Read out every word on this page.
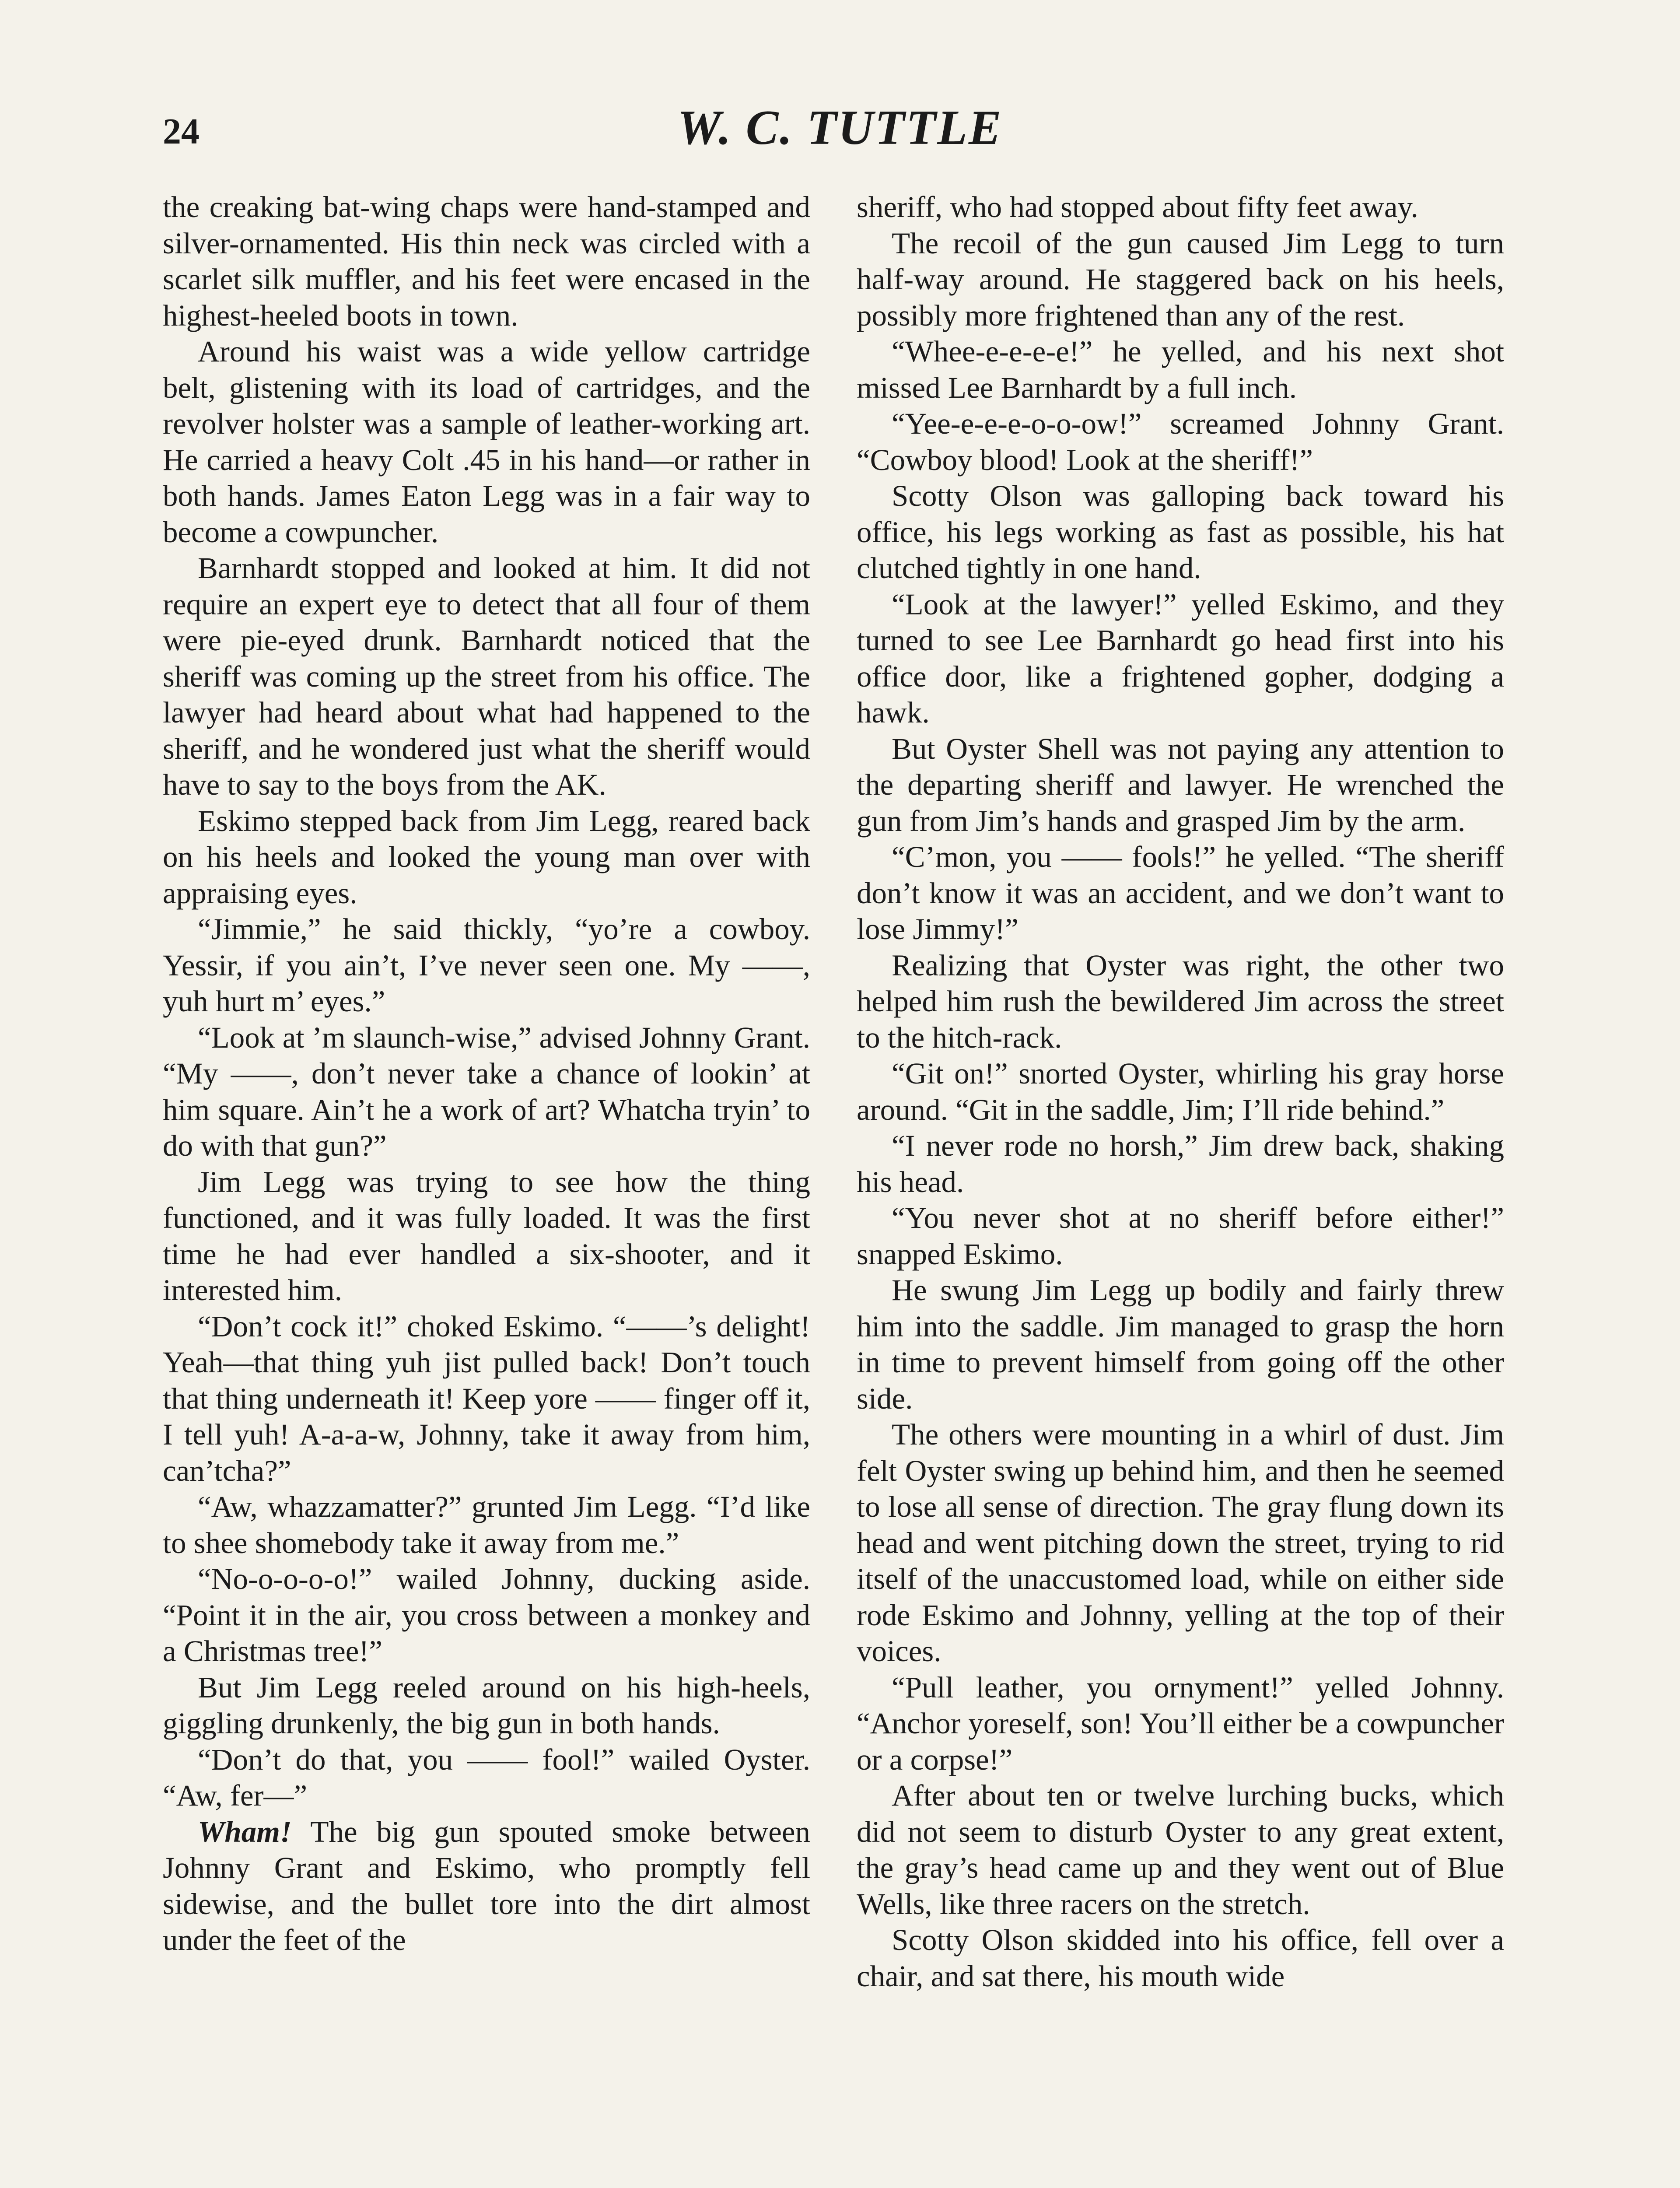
24	W. C. TUTTLE

the creaking bat-wing chaps were hand-stamped and silver-ornamented. His thin neck was circled with a scarlet silk muffler, and his feet were encased in the highest-heeled boots in town.

Around his waist was a wide yellow cartridge belt, glistening with its load of cartridges, and the revolver holster was a sample of leather-working art. He carried a heavy Colt .45 in his hand—or rather in both hands. James Eaton Legg was in a fair way to become a cowpuncher.

Barnhardt stopped and looked at him. It did not require an expert eye to detect that all four of them were pie-eyed drunk. Barnhardt noticed that the sheriff was coming up the street from his office. The lawyer had heard about what had happened to the sheriff, and he wondered just what the sheriff would have to say to the boys from the AK.

Eskimo stepped back from Jim Legg, reared back on his heels and looked the young man over with appraising eyes.

“Jimmie,” he said thickly, “yo’re a cowboy. Yessir, if you ain’t, I’ve never seen one. My ——, yuh hurt m’ eyes.”

“Look at ’m slaunch-wise,” advised Johnny Grant. “My ——, don’t never take a chance of lookin’ at him square. Ain’t he a work of art? Whatcha tryin’ to do with that gun?”

Jim Legg was trying to see how the thing functioned, and it was fully loaded. It was the first time he had ever handled a six-shooter, and it interested him.

“Don’t cock it!” choked Eskimo. “——’s delight! Yeah—that thing yuh jist pulled back! Don’t touch that thing underneath it! Keep yore —— finger off it, I tell yuh! A-a-a-w, Johnny, take it away from him, can’tcha?”

“Aw, whazzamatter?” grunted Jim Legg. “I’d like to shee shomebody take it away from me.”

“No-o-o-o-o!” wailed Johnny, ducking aside. “Point it in the air, you cross between a monkey and a Christmas tree!”

But Jim Legg reeled around on his high-heels, giggling drunkenly, the big gun in both hands.

“Don’t do that, you —— fool!” wailed Oyster. “Aw, fer—”

Wham! The big gun spouted smoke between Johnny Grant and Eskimo, who promptly fell sidewise, and the bullet tore into the dirt almost under the feet of the

sheriff, who had stopped about fifty feet away.

The recoil of the gun caused Jim Legg to turn half-way around. He staggered back on his heels, possibly more frightened than any of the rest.

“Whee-e-e-e-e!” he yelled, and his next shot missed Lee Barnhardt by a full inch.

“Yee-e-e-e-o-o-ow!” screamed Johnny Grant. “Cowboy blood! Look at the sheriff!”

Scotty Olson was galloping back toward his office, his legs working as fast as possible, his hat clutched tightly in one hand.

“Look at the lawyer!” yelled Eskimo, and they turned to see Lee Barnhardt go head first into his office door, like a frightened gopher, dodging a hawk.

But Oyster Shell was not paying any attention to the departing sheriff and lawyer. He wrenched the gun from Jim’s hands and grasped Jim by the arm.

“C’mon, you —— fools!” he yelled. “The sheriff don’t know it was an accident, and we don’t want to lose Jimmy!”

Realizing that Oyster was right, the other two helped him rush the bewildered Jim across the street to the hitch-rack.

“Git on!” snorted Oyster, whirling his gray horse around. “Git in the saddle, Jim; I’ll ride behind.”

“I never rode no horsh,” Jim drew back, shaking his head.

“You never shot at no sheriff before either!” snapped Eskimo.

He swung Jim Legg up bodily and fairly threw him into the saddle. Jim managed to grasp the horn in time to prevent himself from going off the other side.

The others were mounting in a whirl of dust. Jim felt Oyster swing up behind him, and then he seemed to lose all sense of direction. The gray flung down its head and went pitching down the street, trying to rid itself of the unaccustomed load, while on either side rode Eskimo and Johnny, yelling at the top of their voices.

“Pull leather, you ornyment!” yelled Johnny. “Anchor yoreself, son! You’ll either be a cowpuncher or a corpse!”

After about ten or twelve lurching bucks, which did not seem to disturb Oyster to any great extent, the gray’s head came up and they went out of Blue Wells, like three racers on the stretch.

Scotty Olson skidded into his office, fell over a chair, and sat there, his mouth wide
